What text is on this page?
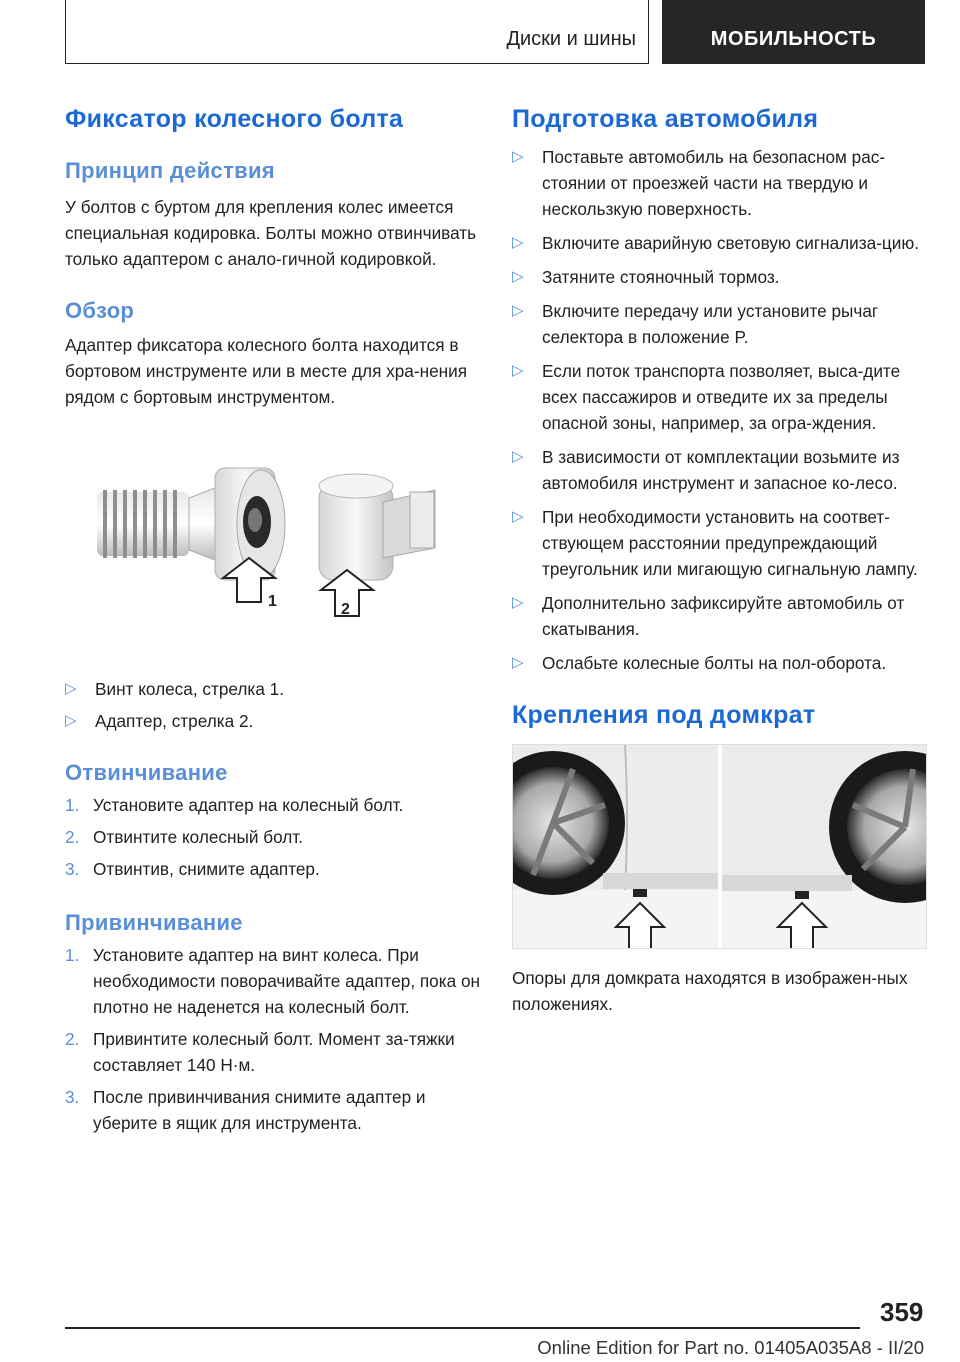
Диски и шины	МОБИЛЬНОСТЬ
Фиксатор колесного болта
Принцип действия

У болтов с буртом для крепления колес имеется специальная кодировка. Болты можно отвинчивать только адаптером с анало-гичной кодировкой.

Обзор

Адаптер фиксатора колесного болта находится в бортовом инструменте или в месте для хра-нения рядом с бортовым инструментом.

1	2
▷ Винт колеса, стрелка 1.
▷ Адаптер, стрелка 2.
Отвинчивание
1. Установите адаптер на колесный болт.
2. Отвинтите колесный болт.
3. Отвинтив, снимите адаптер.
Привинчивание
1. Установите адаптер на винт колеса. При необходимости поворачивайте адаптер, пока он плотно не наденется на колесный болт.
2. Привинтите колесный болт. Момент за-тяжки составляет 140 Н·м.
3. После привинчивания снимите адаптер и уберите в ящик для инструмента.
Подготовка автомобиля
▷ Поставьте автомобиль на безопасном рас-стоянии от проезжей части на твердую и нескользкую поверхность.
▷ Включите аварийную световую сигнализа-цию.
▷ Затяните стояночный тормоз.
▷ Включите передачу или установите рычаг селектора в положение P.
▷ Если поток транспорта позволяет, выса-дите всех пассажиров и отведите их за пределы опасной зоны, например, за огра-ждения.
▷ В зависимости от комплектации возьмите из автомобиля инструмент и запасное ко-лесо.
▷ При необходимости установить на соответ-ствующем расстоянии предупреждающий треугольник или мигающую сигнальную лампу.
▷ Дополнительно зафиксируйте автомобиль от скатывания.
▷ Ослабьте колесные болты на пол-оборота.
Крепления под домкрат

Опоры для домкрата находятся в изображен-ных положениях.

359
Online Edition for Part no. 01405A035A8 - II/20
